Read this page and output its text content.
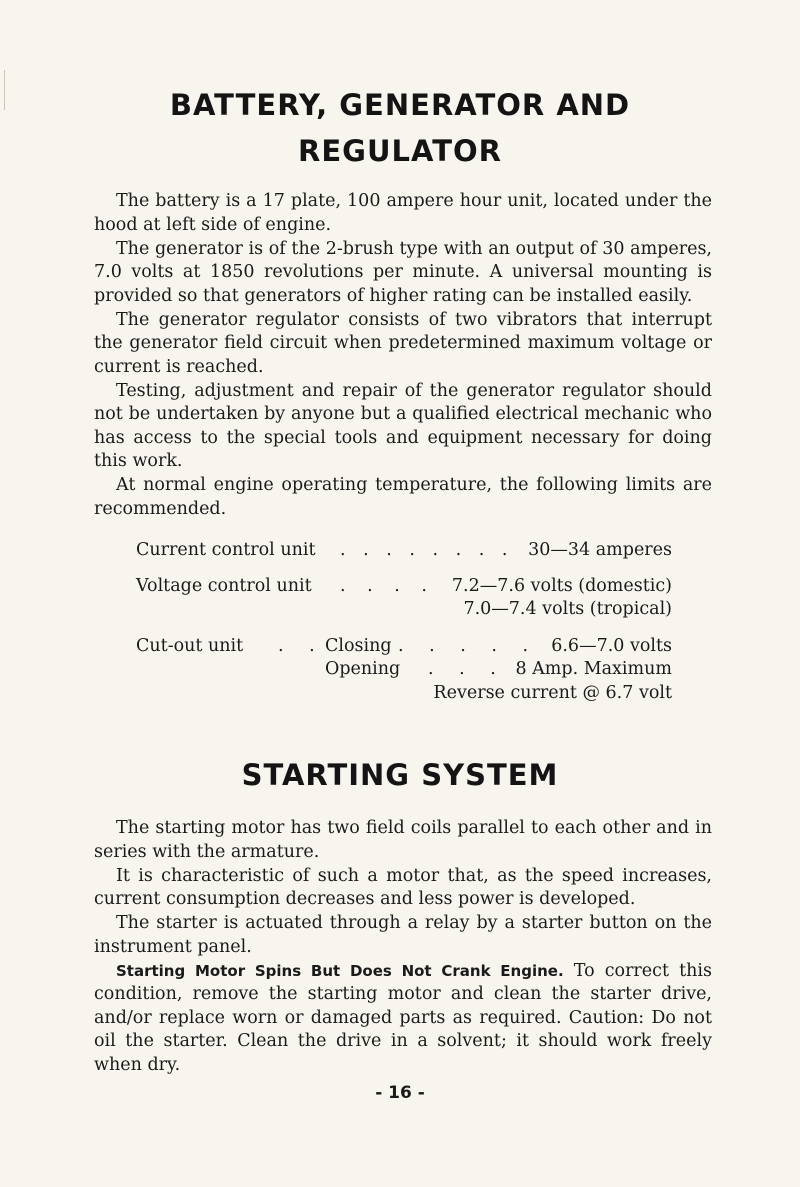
BATTERY, GENERATOR AND
REGULATOR

The battery is a 17 plate, 100 ampere hour unit, located under the hood at left side of engine.

The generator is of the 2-brush type with an output of 30 amperes, 7.0 volts at 1850 revolutions per minute. A universal mounting is provided so that generators of higher rating can be installed easily.

The generator regulator consists of two vibrators that interrupt the generator field circuit when predetermined maximum voltage or current is reached.

Testing, adjustment and repair of the generator regulator should not be undertaken by anyone but a qualified electrical mechanic who has access to the special tools and equipment necessary for doing this work.

At normal engine operating temperature, the following limits are recommended.

Current control unit . . . . . . . . 30—34 amperes
Voltage control unit . . . . 7.2—7.6 volts (domestic)
7.0—7.4 volts (tropical)
Cut-out unit . . Closing . . . . . 6.6—7.0 volts
Opening . . . 8 Amp. Maximum
Reverse current @ 6.7 volt
STARTING SYSTEM

The starting motor has two field coils parallel to each other and in series with the armature.

It is characteristic of such a motor that, as the speed increases, current consumption decreases and less power is developed.

The starter is actuated through a relay by a starter button on the instrument panel.

Starting Motor Spins But Does Not Crank Engine. To correct this condition, remove the starting motor and clean the starter drive, and/or replace worn or damaged parts as required. Caution: Do not oil the starter. Clean the drive in a solvent; it should work freely when dry.

- 16 -
